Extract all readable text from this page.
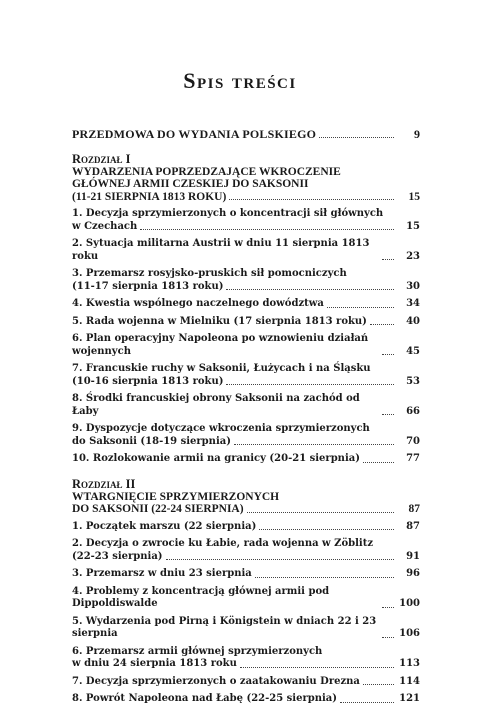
Spis treści
PRZEDMOWA DO WYDANIA POLSKIEGO	9
Rozdział I
WYDARZENIA POPRZEDZAJĄCE WKROCZENIE
GŁÓWNEJ ARMII CZESKIEJ DO SAKSONII
(11-21 SIERPNIA 1813 ROKU)	15
1. Decyzja sprzymierzonych o koncentracji sił głównych
w Czechach	15
2. Sytuacja militarna Austrii w dniu 11 sierpnia 1813 roku	23
3. Przemarsz rosyjsko-pruskich sił pomocniczych
(11-17 sierpnia 1813 roku)	30
4. Kwestia wspólnego naczelnego dowództwa	34
5. Rada wojenna w Mielniku (17 sierpnia 1813 roku)	40
6. Plan operacyjny Napoleona po wznowieniu działań wojennych	45
7. Francuskie ruchy w Saksonii, Łużycach i na Śląsku
(10-16 sierpnia 1813 roku)	53
8. Środki francuskiej obrony Saksonii na zachód od Łaby	66
9. Dyspozycje dotyczące wkroczenia sprzymierzonych
do Saksonii (18-19 sierpnia)	70
10. Rozlokowanie armii na granicy (20-21 sierpnia)	77
Rozdział II
WTARGNIĘCIE SPRZYMIERZONYCH
DO SAKSONII (22-24 SIERPNIA)	87
1. Początek marszu (22 sierpnia)	87
2. Decyzja o zwrocie ku Łabie, rada wojenna w Zöblitz
(22-23 sierpnia)	91
3. Przemarsz w dniu 23 sierpnia	96
4. Problemy z koncentracją głównej armii pod Dippoldiswalde	100
5. Wydarzenia pod Pirną i Königstein w dniach 22 i 23 sierpnia	106
6. Przemarsz armii głównej sprzymierzonych
w dniu 24 sierpnia 1813 roku	113
7. Decyzja sprzymierzonych o zaatakowaniu Drezna	114
8. Powrót Napoleona nad Łabę (22-25 sierpnia)	121
